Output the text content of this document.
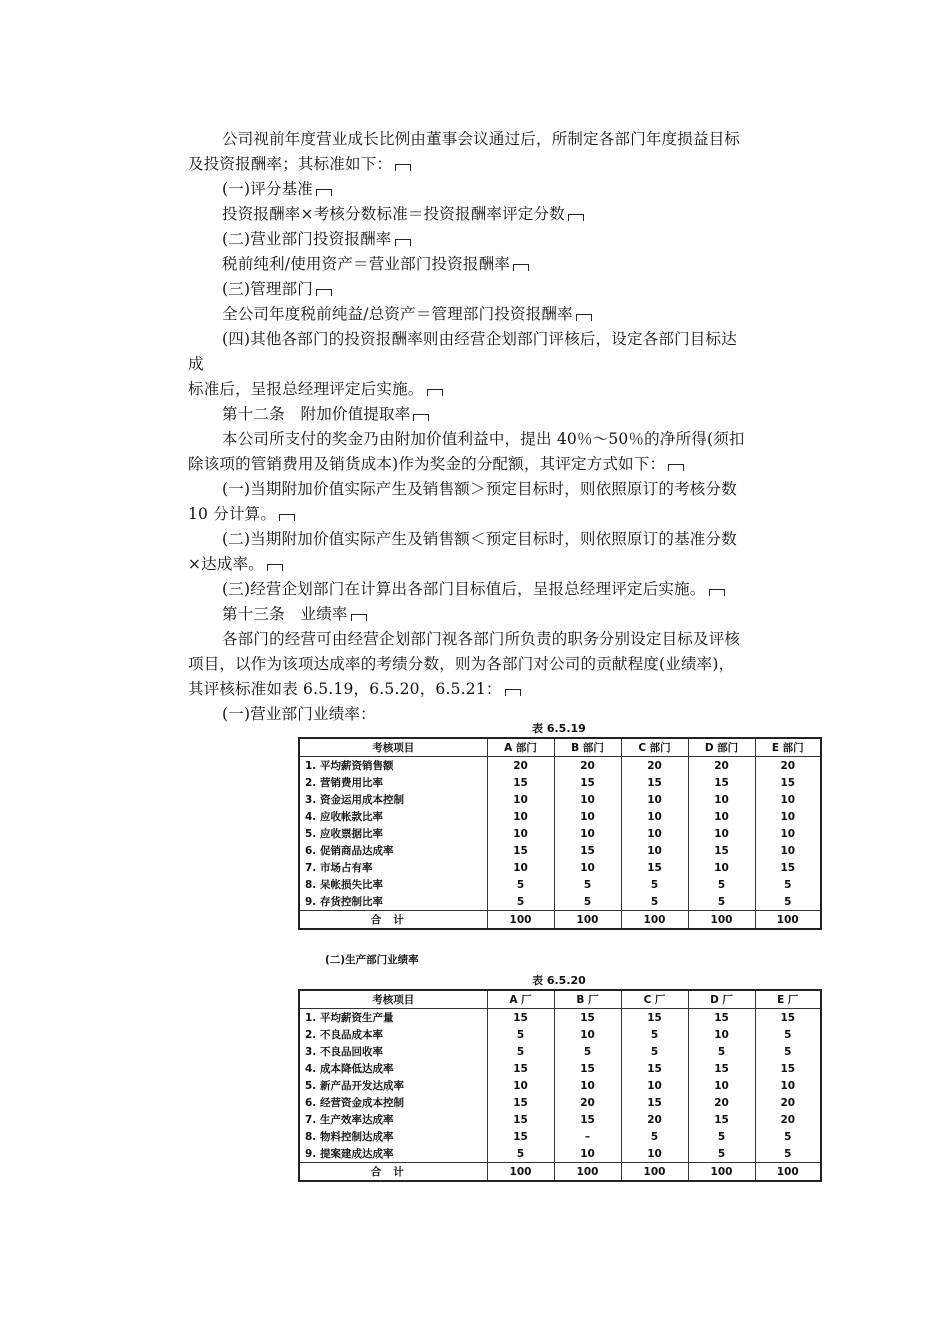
公司视前年度营业成长比例由董事会议通过后，所制定各部门年度损益目标
及投资报酬率；其标准如下：
(一)评分基准
投资报酬率×考核分数标准＝投资报酬率评定分数
(二)营业部门投资报酬率
税前纯利/使用资产＝营业部门投资报酬率
(三)管理部门
全公司年度税前纯益/总资产＝管理部门投资报酬率
(四)其他各部门的投资报酬率则由经营企划部门评核后，设定各部门目标达
成
标准后，呈报总经理评定后实施。
第十二条　附加价值提取率
本公司所支付的奖金乃由附加价值利益中，提出 40％～50％的净所得(须扣
除该项的管销费用及销货成本)作为奖金的分配额，其评定方式如下：
(一)当期附加价值实际产生及销售额＞预定目标时，则依照原订的考核分数
10 分计算。
(二)当期附加价值实际产生及销售额＜预定目标时，则依照原订的基准分数
×达成率。
(三)经营企划部门在计算出各部门目标值后，呈报总经理评定后实施。
第十三条　业绩率
各部门的经营可由经营企划部门视各部门所负责的职务分别设定目标及评核
项目，以作为该项达成率的考绩分数，则为各部门对公司的贡献程度(业绩率)，
其评核标准如表 6.5.19，6.5.20，6.5.21：
(一)营业部门业绩率：
表 6.5.19
考核项目	A 部门	B 部门	C 部门	D 部门	E 部门
1. 平均薪资销售额	20	20	20	20	20
2. 营销费用比率	15	15	15	15	15
3. 资金运用成本控制	10	10	10	10	10
4. 应收帐款比率	10	10	10	10	10
5. 应收票据比率	10	10	10	10	10
6. 促销商品达成率	15	15	10	15	10
7. 市场占有率	10	10	15	10	15
8. 呆帐损失比率	5	5	5	5	5
9. 存货控制比率	5	5	5	5	5
合计	100	100	100	100	100
(二)生产部门业绩率
表 6.5.20
考核项目	A 厂	B 厂	C 厂	D 厂	E 厂
1. 平均薪资生产量	15	15	15	15	15
2. 不良品成本率	5	10	5	10	5
3. 不良品回收率	5	5	5	5	5
4. 成本降低达成率	15	15	15	15	15
5. 新产品开发达成率	10	10	10	10	10
6. 经营资金成本控制	15	20	15	20	20
7. 生产效率达成率	15	15	20	15	20
8. 物料控制达成率	15	–	5	5	5
9. 提案建成达成率	5	10	10	5	5
合计	100	100	100	100	100
